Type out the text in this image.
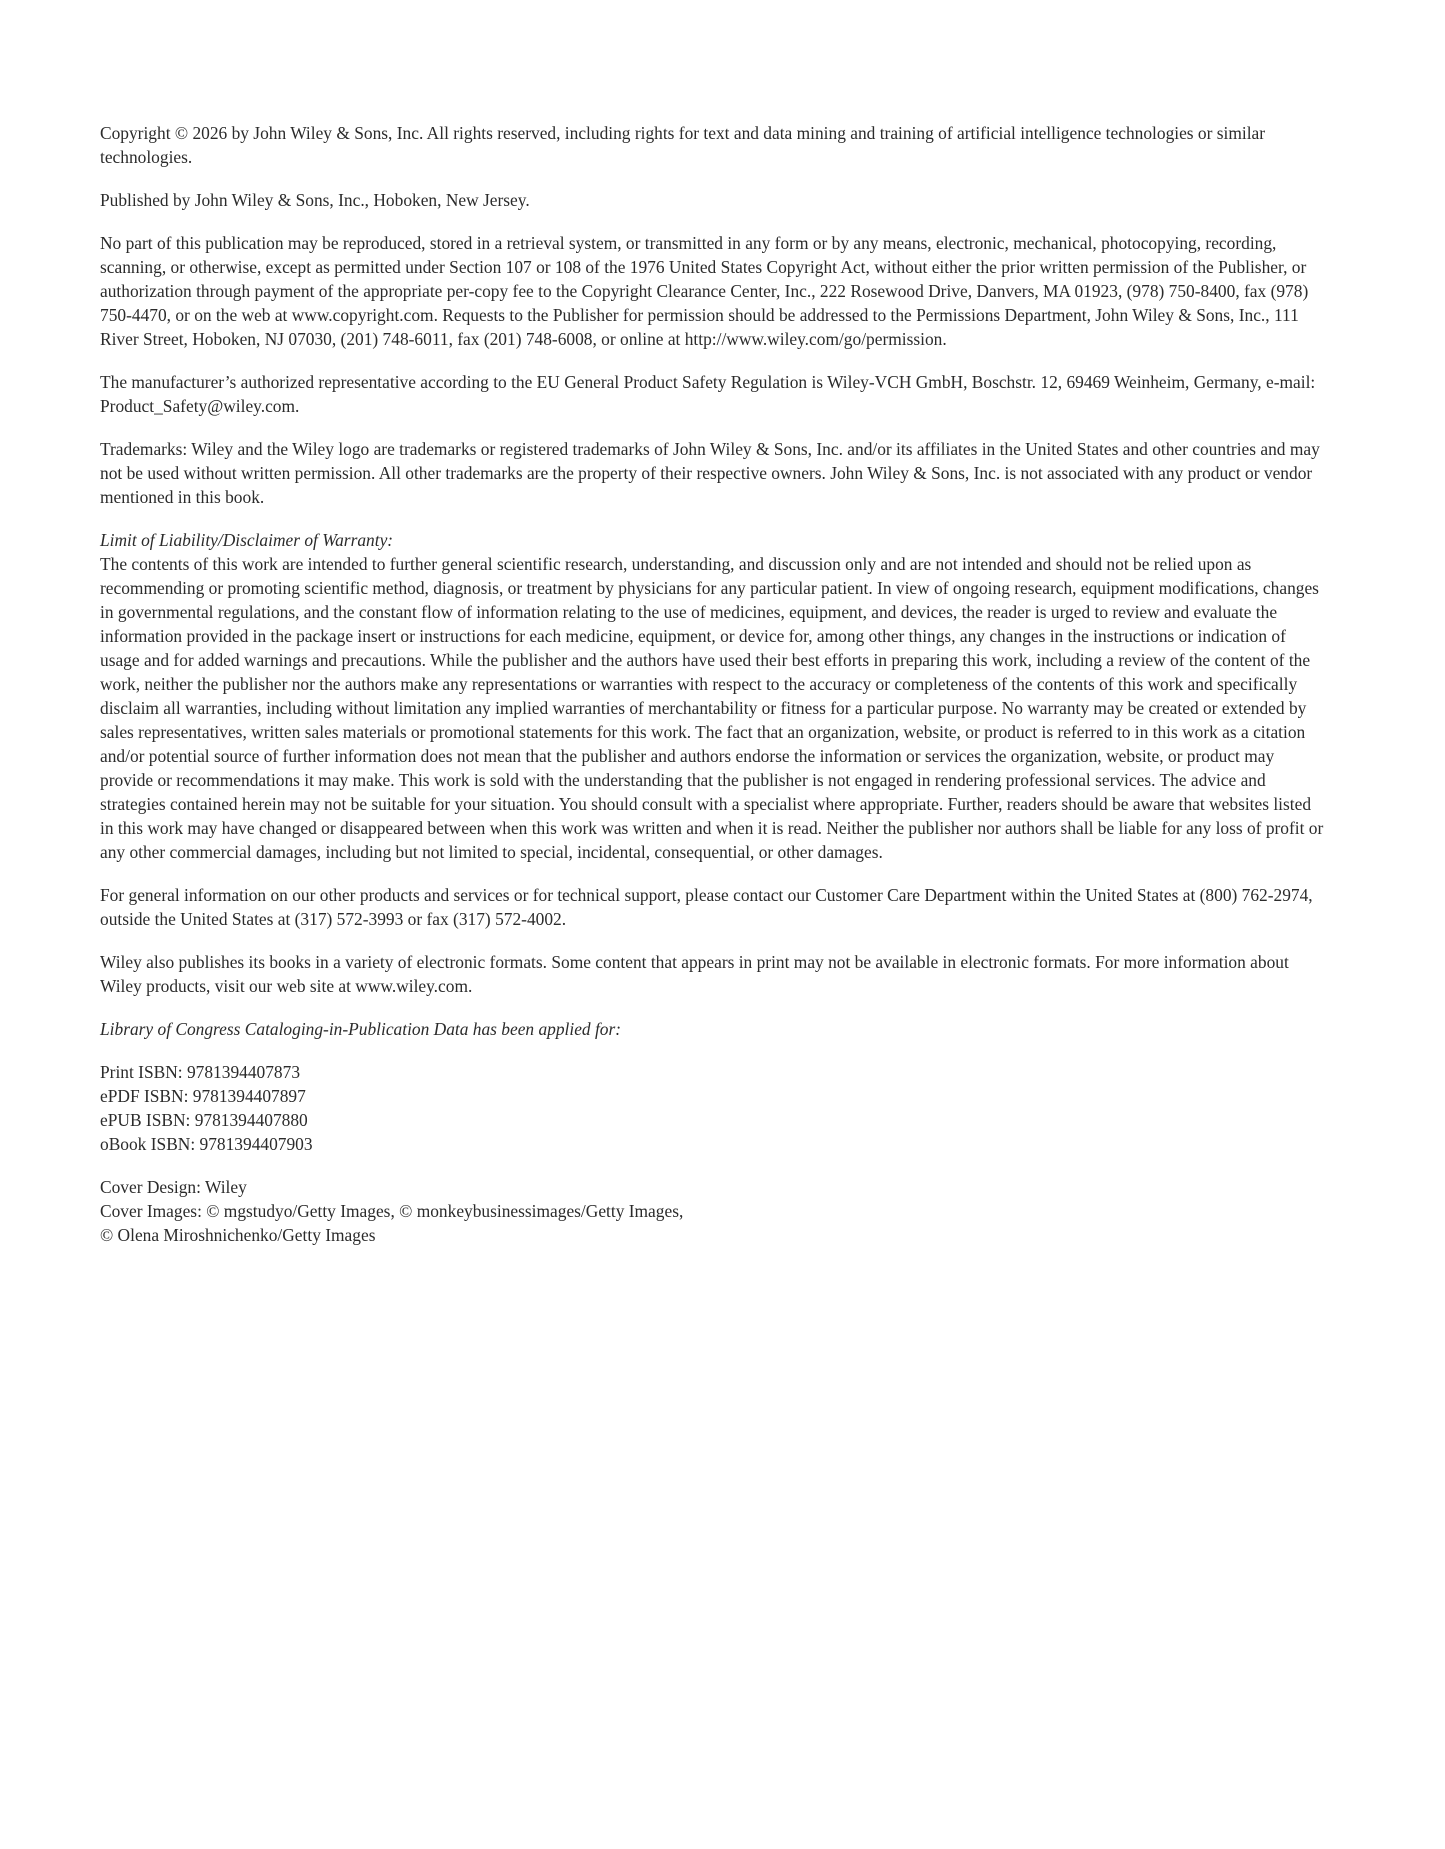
Copyright © 2026 by John Wiley & Sons, Inc. All rights reserved, including rights for text and data mining and training of artificial intelligence technologies or similar technologies.

Published by John Wiley & Sons, Inc., Hoboken, New Jersey.

No part of this publication may be reproduced, stored in a retrieval system, or transmitted in any form or by any means, electronic, mechanical, photocopying, recording, scanning, or otherwise, except as permitted under Section 107 or 108 of the 1976 United States Copyright Act, without either the prior written permission of the Publisher, or authorization through payment of the appropriate per-copy fee to the Copyright Clearance Center, Inc., 222 Rosewood Drive, Danvers, MA 01923, (978) 750-8400, fax (978) 750-4470, or on the web at www.copyright.com. Requests to the Publisher for permission should be addressed to the Permissions Department, John Wiley & Sons, Inc., 111 River Street, Hoboken, NJ 07030, (201) 748-6011, fax (201) 748-6008, or online at http://www.wiley.com/go/permission.

The manufacturer’s authorized representative according to the EU General Product Safety Regulation is Wiley-VCH GmbH, Boschstr. 12, 69469 Weinheim, Germany, e-mail: Product_Safety@wiley.com.

Trademarks: Wiley and the Wiley logo are trademarks or registered trademarks of John Wiley & Sons, Inc. and/or its affiliates in the United States and other countries and may not be used without written permission. All other trademarks are the property of their respective owners. John Wiley & Sons, Inc. is not associated with any product or vendor mentioned in this book.

Limit of Liability/Disclaimer of Warranty:
The contents of this work are intended to further general scientific research, understanding, and discussion only and are not intended and should not be relied upon as recommending or promoting scientific method, diagnosis, or treatment by physicians for any particular patient. In view of ongoing research, equipment modifications, changes in governmental regulations, and the constant flow of information relating to the use of medicines, equipment, and devices, the reader is urged to review and evaluate the information provided in the package insert or instructions for each medicine, equipment, or device for, among other things, any changes in the instructions or indication of usage and for added warnings and precautions. While the publisher and the authors have used their best efforts in preparing this work, including a review of the content of the work, neither the publisher nor the authors make any representations or warranties with respect to the accuracy or completeness of the contents of this work and specifically disclaim all warranties, including without limitation any implied warranties of merchantability or fitness for a particular purpose. No warranty may be created or extended by sales representatives, written sales materials or promotional statements for this work. The fact that an organization, website, or product is referred to in this work as a citation and/or potential source of further information does not mean that the publisher and authors endorse the information or services the organization, website, or product may provide or recommendations it may make. This work is sold with the understanding that the publisher is not engaged in rendering professional services. The advice and strategies contained herein may not be suitable for your situation. You should consult with a specialist where appropriate. Further, readers should be aware that websites listed in this work may have changed or disappeared between when this work was written and when it is read. Neither the publisher nor authors shall be liable for any loss of profit or any other commercial damages, including but not limited to special, incidental, consequential, or other damages.

For general information on our other products and services or for technical support, please contact our Customer Care Department within the United States at (800) 762-2974, outside the United States at (317) 572-3993 or fax (317) 572-4002.

Wiley also publishes its books in a variety of electronic formats. Some content that appears in print may not be available in electronic formats. For more information about Wiley products, visit our web site at www.wiley.com.

Library of Congress Cataloging-in-Publication Data has been applied for:

Print ISBN: 9781394407873
ePDF ISBN: 9781394407897
ePUB ISBN: 9781394407880
oBook ISBN: 9781394407903
Cover Design: Wiley
Cover Images: © mgstudyo/Getty Images, © monkeybusinessimages/Getty Images,
© Olena Miroshnichenko/Getty Images
